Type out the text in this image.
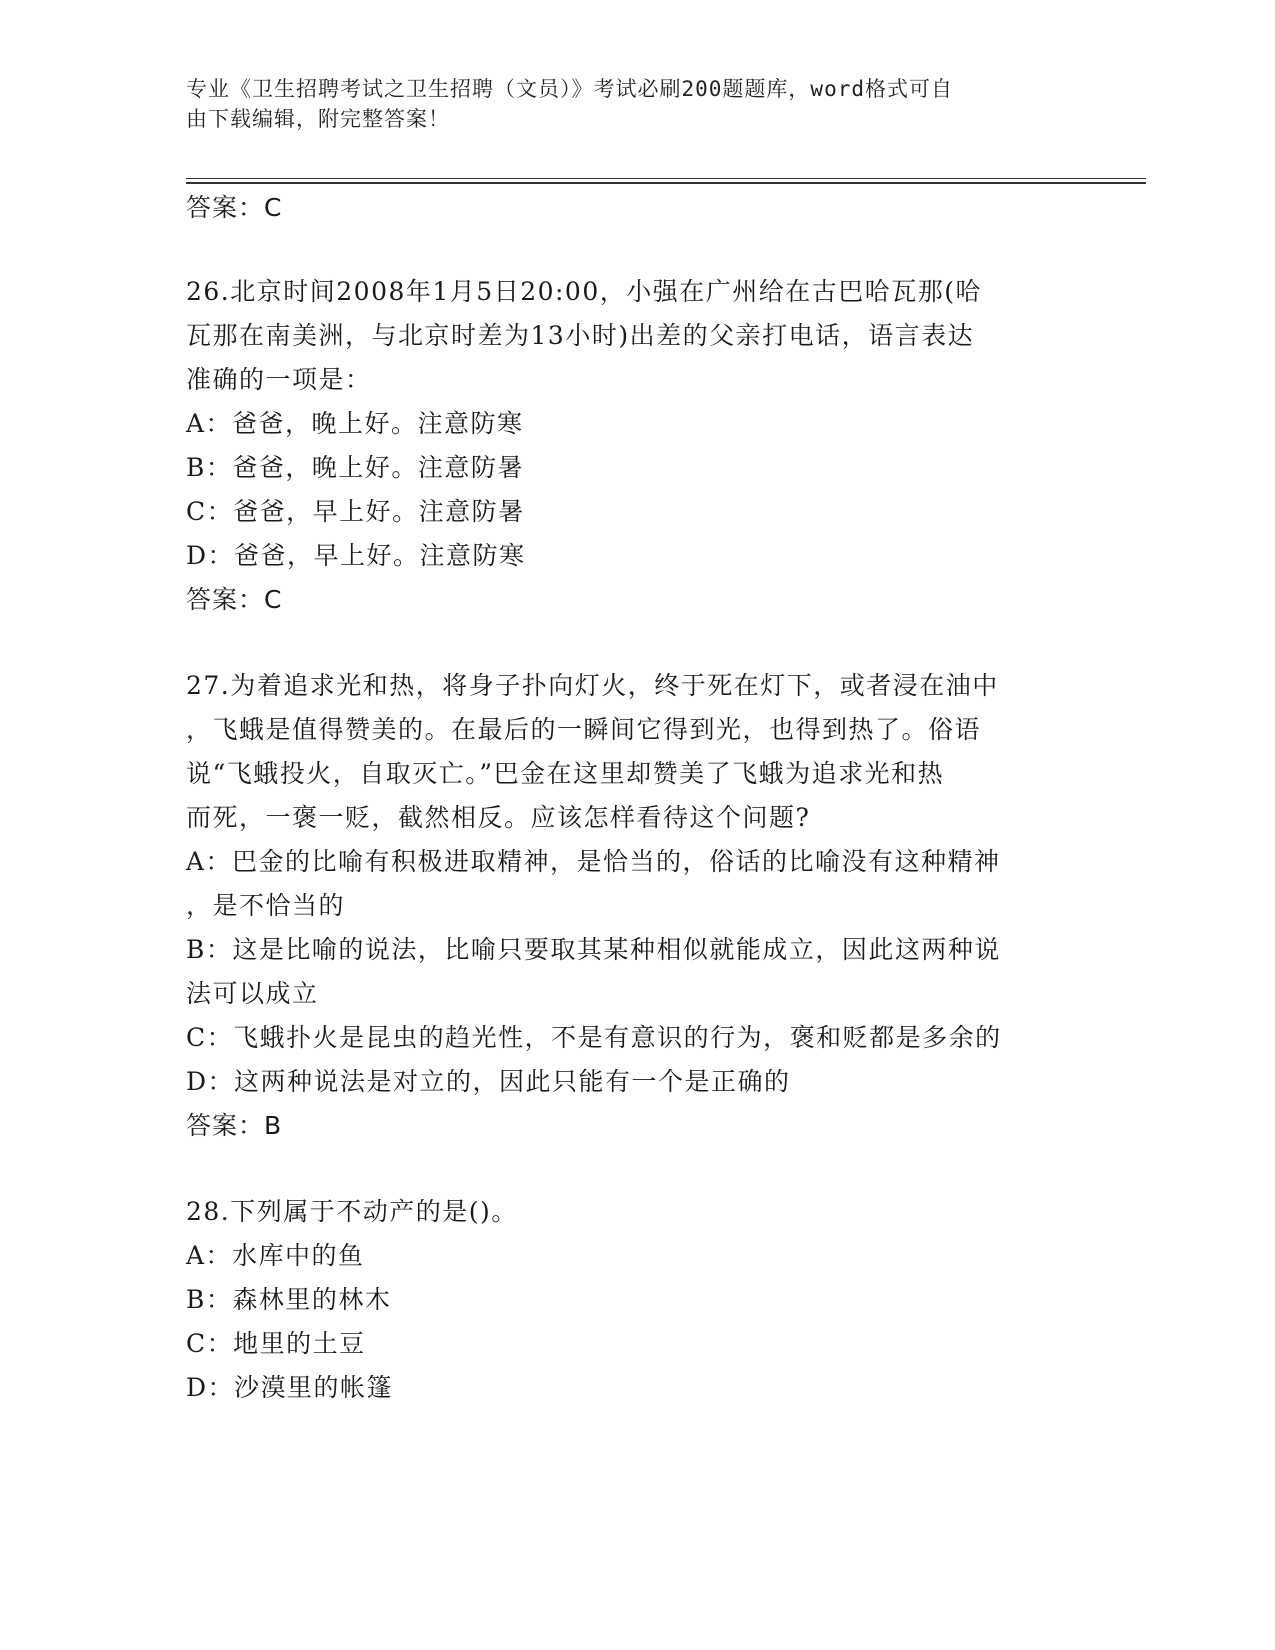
专业《卫生招聘考试之卫生招聘（文员）》考试必刷200题题库，word格式可自
由下载编辑，附完整答案！
答案：C
26.北京时间2008年1月5日20:00，小强在广州给在古巴哈瓦那(哈
瓦那在南美洲，与北京时差为13小时)出差的父亲打电话，语言表达
准确的一项是：
A：爸爸，晚上好。注意防寒
B：爸爸，晚上好。注意防暑
C：爸爸，早上好。注意防暑
D：爸爸，早上好。注意防寒
答案：C
27.为着追求光和热，将身子扑向灯火，终于死在灯下，或者浸在油中
，飞蛾是值得赞美的。在最后的一瞬间它得到光，也得到热了。俗语
说“飞蛾投火，自取灭亡。”巴金在这里却赞美了飞蛾为追求光和热
而死，一褒一贬，截然相反。应该怎样看待这个问题?
A：巴金的比喻有积极进取精神，是恰当的，俗话的比喻没有这种精神
，是不恰当的
B：这是比喻的说法，比喻只要取其某种相似就能成立，因此这两种说
法可以成立
C：飞蛾扑火是昆虫的趋光性，不是有意识的行为，褒和贬都是多余的
D：这两种说法是对立的，因此只能有一个是正确的
答案：B
28.下列属于不动产的是()。
A：水库中的鱼
B：森林里的林木
C：地里的土豆
D：沙漠里的帐篷
